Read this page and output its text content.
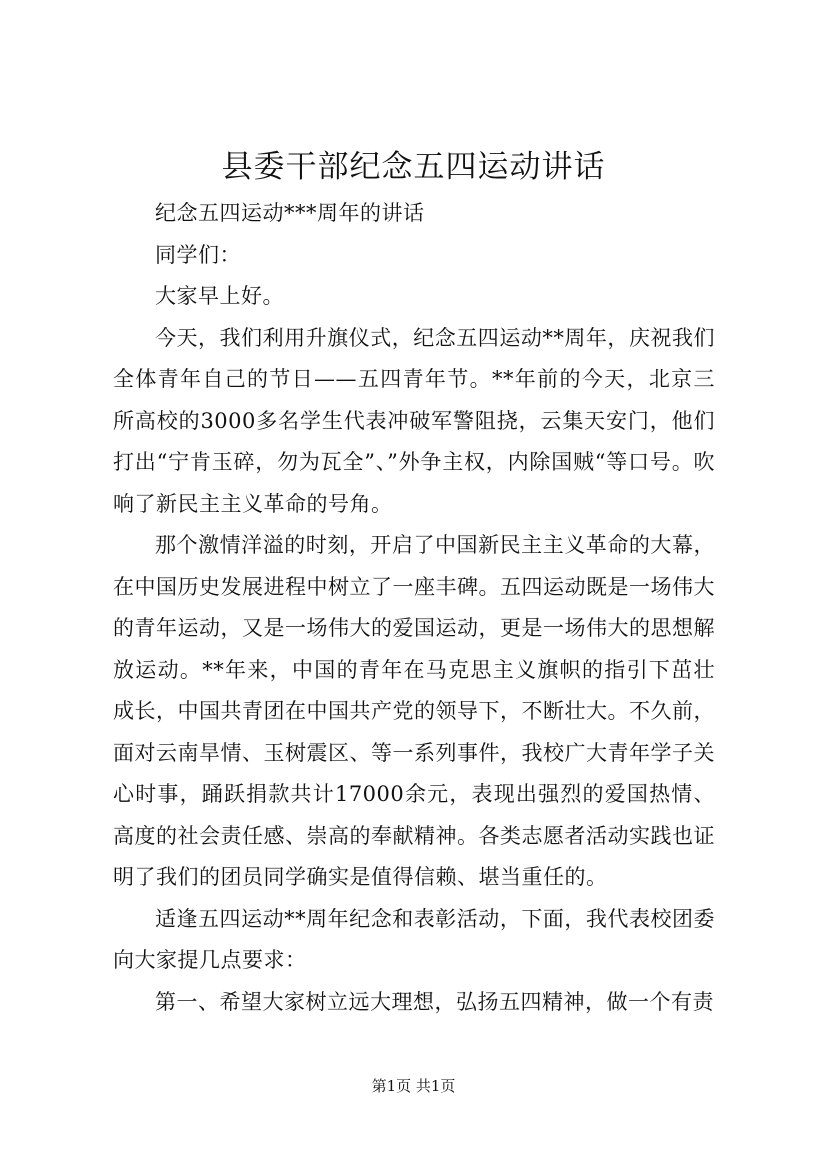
县委干部纪念五四运动讲话

纪念五四运动***周年的讲话

同学们：

大家早上好。

今天，我们利用升旗仪式，纪念五四运动**周年，庆祝我们全体青年自己的节日——五四青年节。**年前的今天，北京三所高校的3000多名学生代表冲破军警阻挠，云集天安门，他们打出“宁肯玉碎，勿为瓦全”、”外争主权，内除国贼“等口号。吹响了新民主主义革命的号角。

那个激情洋溢的时刻，开启了中国新民主主义革命的大幕，在中国历史发展进程中树立了一座丰碑。五四运动既是一场伟大的青年运动，又是一场伟大的爱国运动，更是一场伟大的思想解放运动。**年来，中国的青年在马克思主义旗帜的指引下茁壮成长，中国共青团在中国共产党的领导下，不断壮大。不久前，面对云南旱情、玉树震区、等一系列事件，我校广大青年学子关心时事，踊跃捐款共计17000余元，表现出强烈的爱国热情、高度的社会责任感、崇高的奉献精神。各类志愿者活动实践也证明了我们的团员同学确实是值得信赖、堪当重任的。

适逢五四运动**周年纪念和表彰活动，下面，我代表校团委向大家提几点要求：

第一、希望大家树立远大理想，弘扬五四精神，做一个有责

第1页 共1页
